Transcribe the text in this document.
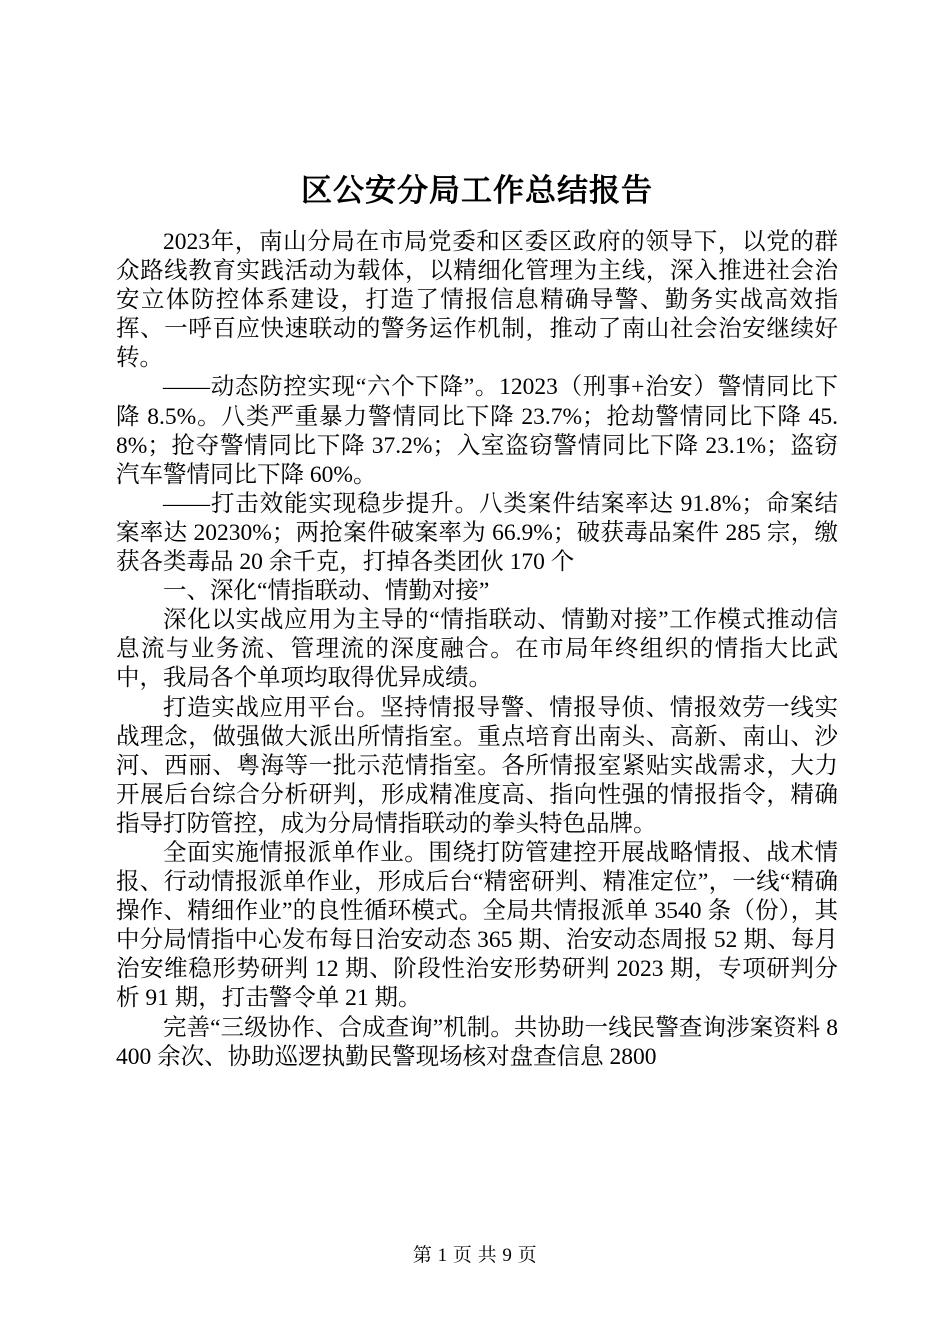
区公安分局工作总结报告

2023年，南山分局在市局党委和区委区政府的领导下，以党的群众路线教育实践活动为载体，以精细化管理为主线，深入推进社会治安立体防控体系建设，打造了情报信息精确导警、勤务实战高效指挥、一呼百应快速联动的警务运作机制，推动了南山社会治安继续好转。

——动态防控实现“六个下降”。12023（刑事+治安）警情同比下降 8.5%。八类严重暴力警情同比下降 23.7%；抢劫警情同比下降 45.8%；抢夺警情同比下降 37.2%；入室盗窃警情同比下降 23.1%；盗窃汽车警情同比下降 60%。

——打击效能实现稳步提升。八类案件结案率达 91.8%；命案结案率达 20230%；两抢案件破案率为 66.9%；破获毒品案件 285 宗，缴获各类毒品 20 余千克，打掉各类团伙 170 个

一、深化“情指联动、情勤对接”

深化以实战应用为主导的“情指联动、情勤对接”工作模式推动信息流与业务流、管理流的深度融合。在市局年终组织的情指大比武中，我局各个单项均取得优异成绩。

打造实战应用平台。坚持情报导警、情报导侦、情报效劳一线实战理念，做强做大派出所情指室。重点培育出南头、高新、南山、沙河、西丽、粤海等一批示范情指室。各所情报室紧贴实战需求，大力开展后台综合分析研判，形成精准度高、指向性强的情报指令，精确指导打防管控，成为分局情指联动的拳头特色品牌。

全面实施情报派单作业。围绕打防管建控开展战略情报、战术情报、行动情报派单作业，形成后台“精密研判、精准定位”，一线“精确操作、精细作业”的良性循环模式。全局共情报派单 3540 条（份），其中分局情指中心发布每日治安动态 365 期、治安动态周报 52 期、每月治安维稳形势研判 12 期、阶段性治安形势研判 2023 期，专项研判分析 91 期，打击警令单 21 期。

完善“三级协作、合成查询”机制。共协助一线民警查询涉案资料 8400 余次、协助巡逻执勤民警现场核对盘查信息 2800

第 1 页 共 9 页
